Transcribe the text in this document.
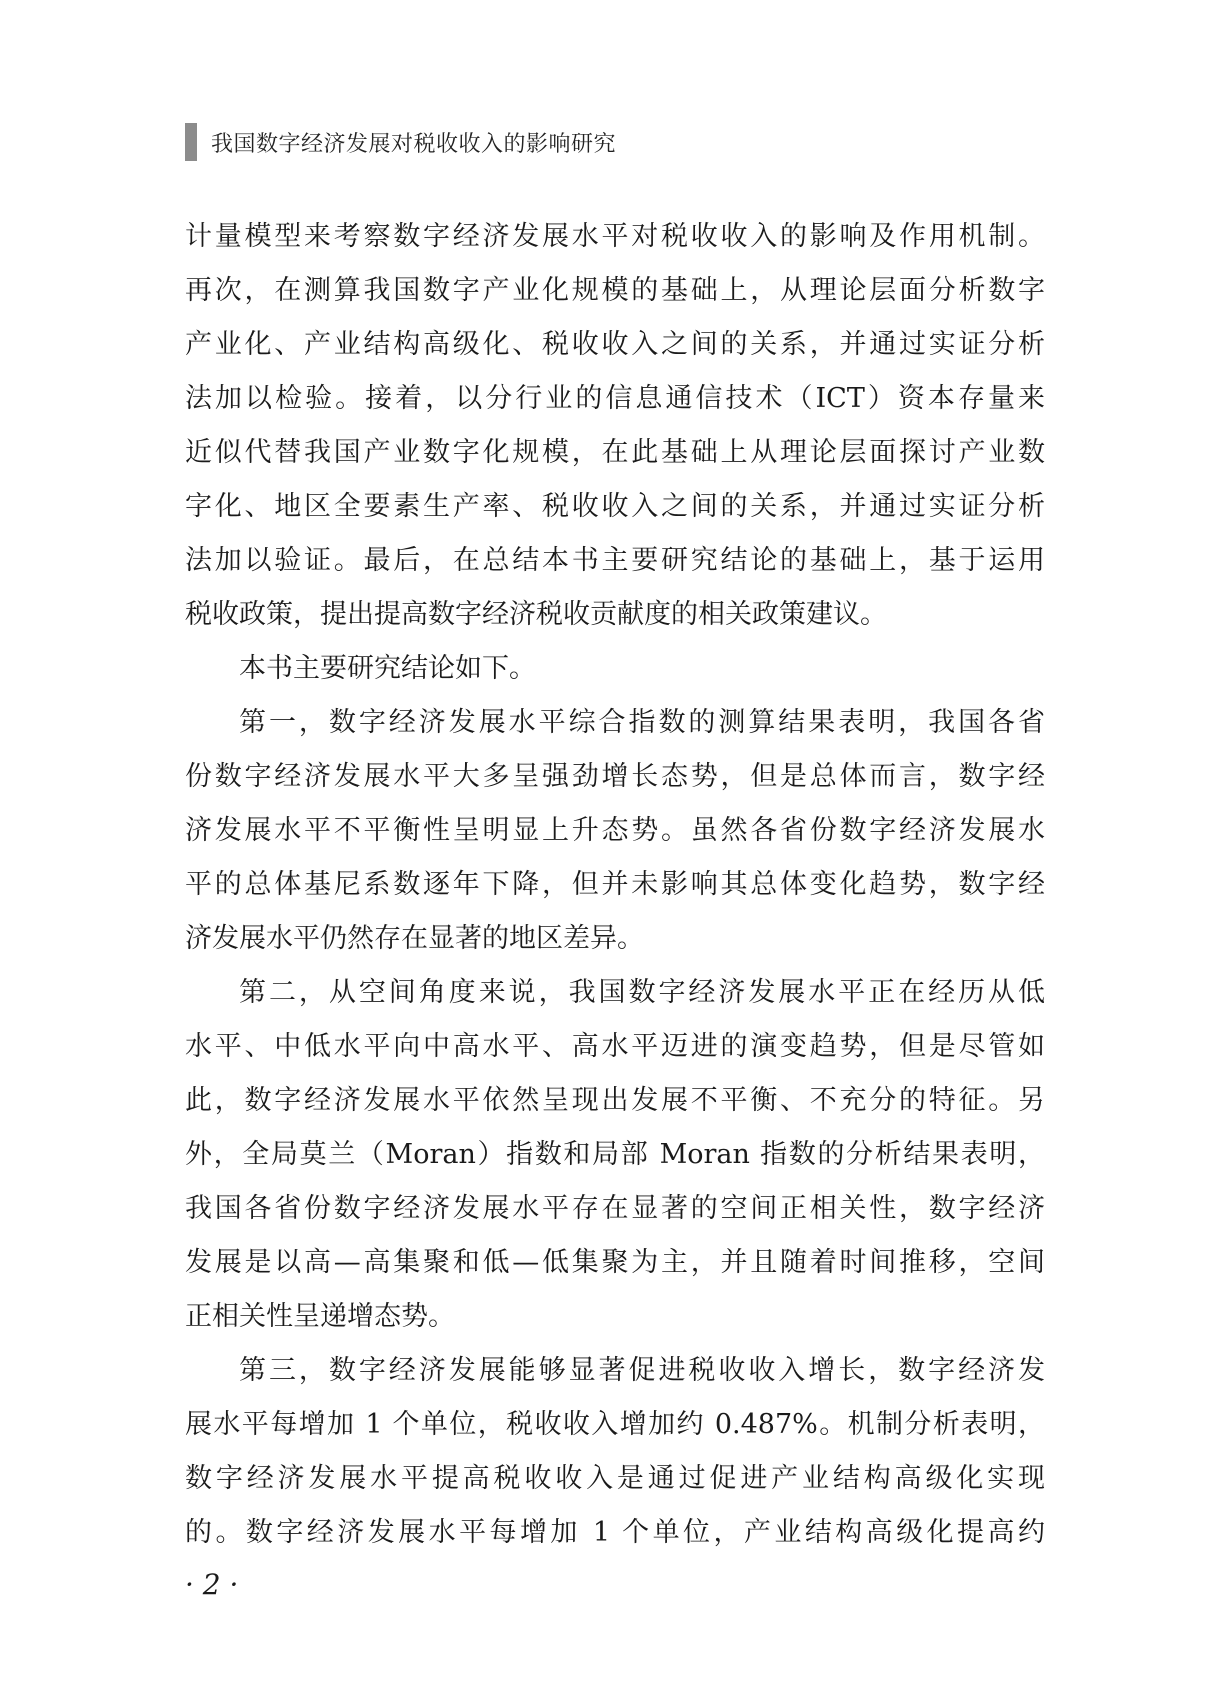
我国数字经济发展对税收收入的影响研究
计量模型来考察数字经济发展水平对税收收入的影响及作用机制。
再次，在测算我国数字产业化规模的基础上，从理论层面分析数字
产业化、产业结构高级化、税收收入之间的关系，并通过实证分析
法加以检验。接着，以分行业的信息通信技术（ICT）资本存量来
近似代替我国产业数字化规模，在此基础上从理论层面探讨产业数
字化、地区全要素生产率、税收收入之间的关系，并通过实证分析
法加以验证。最后，在总结本书主要研究结论的基础上，基于运用
税收政策，提出提高数字经济税收贡献度的相关政策建议。
本书主要研究结论如下。
第一，数字经济发展水平综合指数的测算结果表明，我国各省
份数字经济发展水平大多呈强劲增长态势，但是总体而言，数字经
济发展水平不平衡性呈明显上升态势。虽然各省份数字经济发展水
平的总体基尼系数逐年下降，但并未影响其总体变化趋势，数字经
济发展水平仍然存在显著的地区差异。
第二，从空间角度来说，我国数字经济发展水平正在经历从低
水平、中低水平向中高水平、高水平迈进的演变趋势，但是尽管如
此，数字经济发展水平依然呈现出发展不平衡、不充分的特征。另
外，全局莫兰（Moran）指数和局部 Moran 指数的分析结果表明，
我国各省份数字经济发展水平存在显著的空间正相关性，数字经济
发展是以高—高集聚和低—低集聚为主，并且随着时间推移，空间
正相关性呈递增态势。
第三，数字经济发展能够显著促进税收收入增长，数字经济发
展水平每增加 1 个单位，税收收入增加约 0.487%。机制分析表明，
数字经济发展水平提高税收收入是通过促进产业结构高级化实现
的。数字经济发展水平每增加 1 个单位，产业结构高级化提高约
· 2 ·
